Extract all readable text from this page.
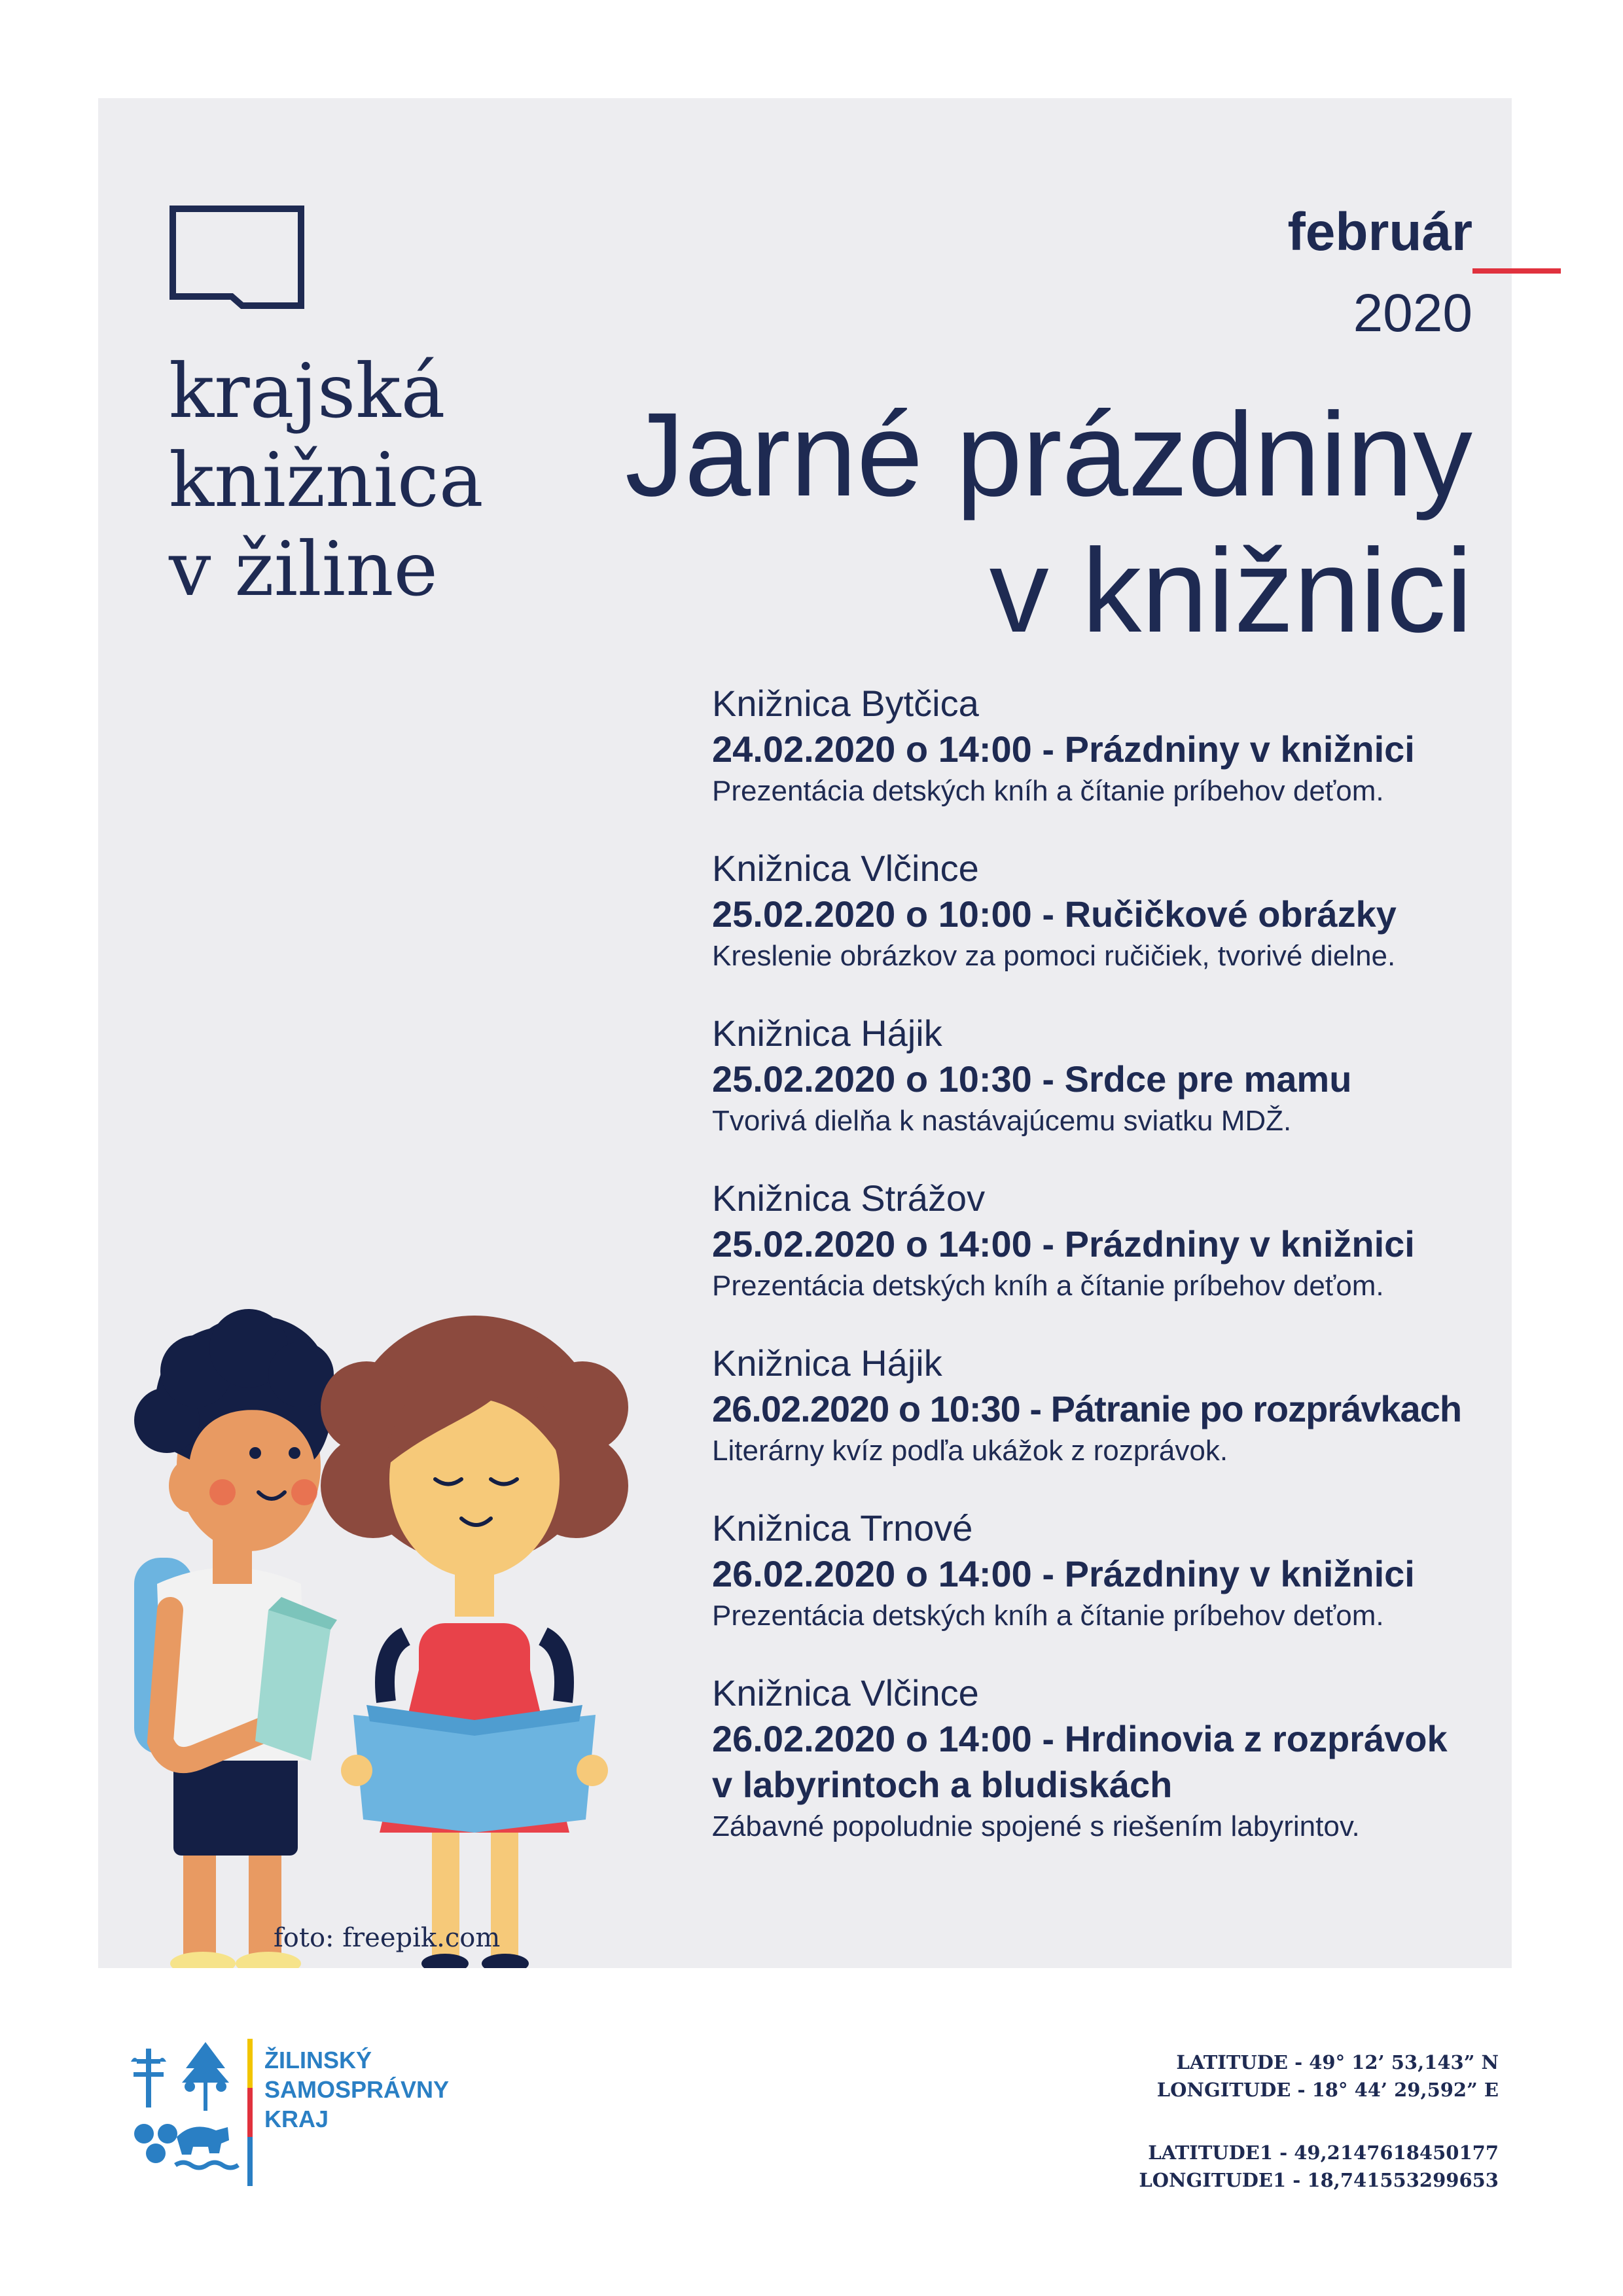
krajská
knižnica
v žiline
február
2020
Jarné prázdniny
v knižnici
Knižnica Bytčica
24.02.2020 o 14:00 - Prázdniny v knižnici
Prezentácia detských kníh a čítanie príbehov deťom.
Knižnica Vlčince
25.02.2020 o 10:00 - Ručičkové obrázky
Kreslenie obrázkov za pomoci ručičiek, tvorivé dielne.
Knižnica Hájik
25.02.2020 o 10:30 - Srdce pre mamu
Tvorivá dielňa k nastávajúcemu sviatku MDŽ.
Knižnica Strážov
25.02.2020 o 14:00 - Prázdniny v knižnici
Prezentácia detských kníh a čítanie príbehov deťom.
Knižnica Hájik
26.02.2020 o 10:30 - Pátranie po rozprávkach
Literárny kvíz podľa ukážok z rozprávok.
Knižnica Trnové
26.02.2020 o 14:00 - Prázdniny v knižnici
Prezentácia detských kníh a čítanie príbehov deťom.
Knižnica Vlčince
26.02.2020 o 14:00 - Hrdinovia z rozprávok
v labyrintoch a bludiskách
Zábavné popoludnie spojené s riešením labyrintov.
foto: freepik.com
ŽILINSKÝ
SAMOSPRÁVNY
KRAJ
LATITUDE - 49° 12’ 53,143” N
LONGITUDE - 18° 44’ 29,592” E
LATITUDE1 - 49,2147618450177
LONGITUDE1 - 18,741553299653
